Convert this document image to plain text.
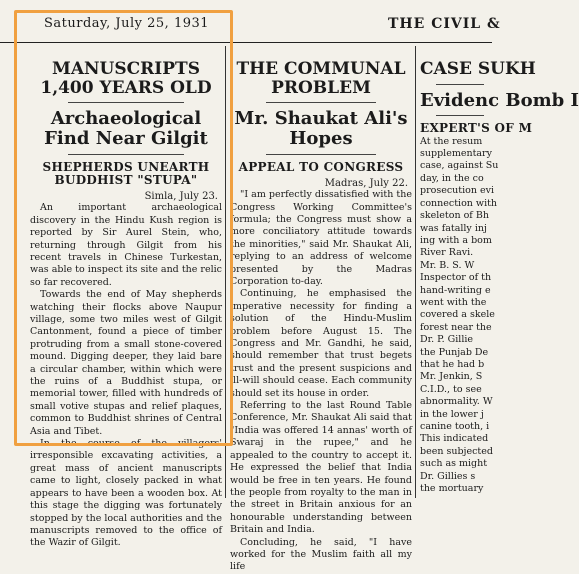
Saturday, July 25, 1931	THE CIVIL &
MANUSCRIPTS 1,400 YEARS OLD
Archaeological Find Near Gilgit
SHEPHERDS UNEARTH BUDDHIST "STUPA"
Simla, July 23.

An important archaeological discovery in the Hindu Kush region is reported by Sir Aurel Stein, who, returning through Gilgit from his recent travels in Chinese Turkestan, was able to inspect its site and the relic so far recovered.

Towards the end of May shepherds watching their flocks above Naupur village, some two miles west of Gilgit Cantonment, found a piece of timber protruding from a small stone-covered mound. Digging deeper, they laid bare a circular chamber, within which were the ruins of a Buddhist stupa, or memorial tower, filled with hundreds of small votive stupas and relief plaques, common to Buddhist shrines of Central Asia and Tibet.

In the course of the villagers' irresponsible excavating activities, a great mass of ancient manuscripts came to light, closely packed in what appears to have been a wooden box. At this stage the digging was fortunately stopped by the local authorities and the manuscripts removed to the office of the Wazir of Gilgit.

THE COMMUNAL PROBLEM
Mr. Shaukat Ali's Hopes
APPEAL TO CONGRESS
Madras, July 22.

"I am perfectly dissatisfied with the Congress Working Committee's formula; the Congress must show a more conciliatory attitude towards the minorities," said Mr. Shaukat Ali, replying to an address of welcome presented by the Madras Corporation to-day.

Continuing, he emphasised the imperative necessity for finding a solution of the Hindu-Muslim problem before August 15. The Congress and Mr. Gandhi, he said, should remember that trust begets trust and the present suspicions and ill-will should cease. Each community should set its house in order.

Referring to the last Round Table Conference, Mr. Shaukat Ali said that "India was offered 14 annas' worth of Swaraj in the rupee," and he appealed to the country to accept it. He expressed the belief that India would be free in ten years. He found the people from royalty to the man in the street in Britain anxious for an honourable understanding between Britain and India.

Concluding, he said, "I have worked for the Muslim faith all my life

CASE SUKH
Evidenc Bomb I
EXPERT'S OF M

At the resum

supplementary

case, against Su

day, in the co

prosecution evi

connection with

skeleton of Bh

was fatally inj

ing with a bom

River Ravi.

Mr. B. S. W

Inspector of th

hand-writing e

went with the

covered a skele

forest near the

Dr. P. Gillie

the Punjab De

that he had b

Mr. Jenkin, S

C.I.D., to see

abnormality. W

in the lower j

canine tooth, i

This indicated

been subjected

such as might

Dr. Gillies s

the mortuary
